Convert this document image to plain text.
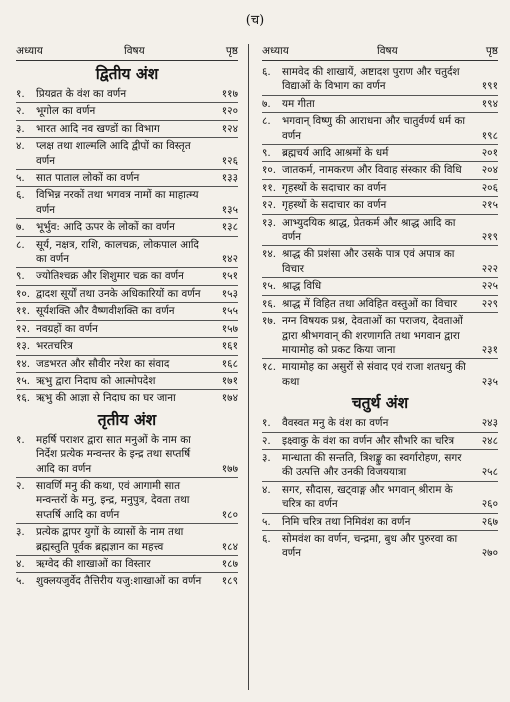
(च)
अध्याय	विषय	पृष्ठ
द्वितीय अंश
१.	प्रियव्रत के वंश का वर्णन	११७
२.	भूगोल का वर्णन	१२०
३.	भारत आदि नव खण्डों का विभाग	१२४
४.	प्लक्ष तथा शाल्मलि आदि द्वीपों का विस्तृत वर्णन	१२६
५.	सात पाताल लोकों का वर्णन	१३३
६.	विभिन्न नरकों तथा भगवत्र नामों का माहात्म्य वर्णन	१३५
७.	भूर्भुव: आदि ऊपर के लोकों का वर्णन	१३८
८.	सूर्य, नक्षत्र, राशि, कालचक्र, लोकपाल आदि का वर्णन	१४२
९.	ज्योतिश्चक्र और शिशुमार चक्र का वर्णन	१५१
१०. द्वादश सूर्यों तथा उनके अधिकारियों का वर्णन	१५३
११. सूर्यशक्ति और वैष्णवीशक्ति का वर्णन	१५५
१२. नवग्रहों का वर्णन	१५७
१३. भरतचरित्र	१६१
१४. जडभरत और सौवीर नरेश का संवाद	१६८
१५. ऋभु द्वारा निदाघ को आत्मोपदेश	१७१
१६. ऋभु की आज्ञा से निदाघ का घर जाना	१७४
तृतीय अंश
१.	महर्षि पराशर द्वारा सात मनुओं के नाम का निर्देश प्रत्येक मन्वन्तर के इन्द्र तथा सप्तर्षि आदि का वर्णन	१७७
२.	सावर्णि मनु की कथा, एवं आगामी सात मन्वन्तरों के मनु, इन्द्र, मनुपुत्र, देवता तथा सप्तर्षि आदि का वर्णन	१८०
३.	प्रत्येक द्वापर युगों के व्यासों के नाम तथा ब्रह्मस्तुति पूर्वक ब्रह्मज्ञान का महत्त्व	१८४
४.	ऋग्वेद की शाखाओं का विस्तार	१८७
५.	शुक्लयजुर्वेद तैत्तिरीय यजु:शाखाओं का वर्णन	१८९
अध्याय	विषय	पृष्ठ
६.	सामवेद की शाखायें, अष्टादश पुराण और चतुर्दश विद्याओं के विभाग का वर्णन	१९१
७.	यम गीता	१९४
८.	भगवान् विष्णु की आराधना और चातुर्वर्ण्य धर्म का वर्णन	१९८
९.	ब्रह्मचर्य आदि आश्रमों के धर्म	२०१
१०. जातकर्म, नामकरण और विवाह संस्कार की विधि	२०४
११. गृहस्थों के सदाचार का वर्णन	२०६
१२. गृहस्थों के सदाचार का वर्णन	२१५
१३. आभ्युदयिक श्राद्ध, प्रेतकर्म और श्राद्ध आदि का वर्णन	२१९
१४. श्राद्ध की प्रशंसा और उसके पात्र एवं अपात्र का विचार	२२२
१५. श्राद्ध विधि	२२५
१६. श्राद्ध में विहित तथा अविहित वस्तुओं का विचार	२२९
१७. नग्न विषयक प्रश्न, देवताओं का पराजय, देवताओं द्वारा श्रीभगवान् की शरणागति तथा भगवान द्वारा मायामोह को प्रकट किया जाना	२३१
१८. मायामोह का असुरों से संवाद एवं राजा शतधनु की कथा	२३५
चतुर्थ अंश
१.	वैवस्वत मनु के वंश का वर्णन	२४३
२.	इक्ष्वाकु के वंश का वर्णन और सौभरि का चरित्र	२४८
३.	मान्धाता की सन्तति, त्रिशङ्कु का स्वर्गारोहण, सगर की उत्पत्ति और उनकी विजययात्रा	२५८
४.	सगर, सौदास, खट्वाङ्ग और भगवान् श्रीराम के चरित्र का वर्णन	२६०
५.	निमि चरित्र तथा निमिवंश का वर्णन	२६७
६.	सोमवंश का वर्णन, चन्द्रमा, बुध और पुरुरवा का वर्णन	२७०
